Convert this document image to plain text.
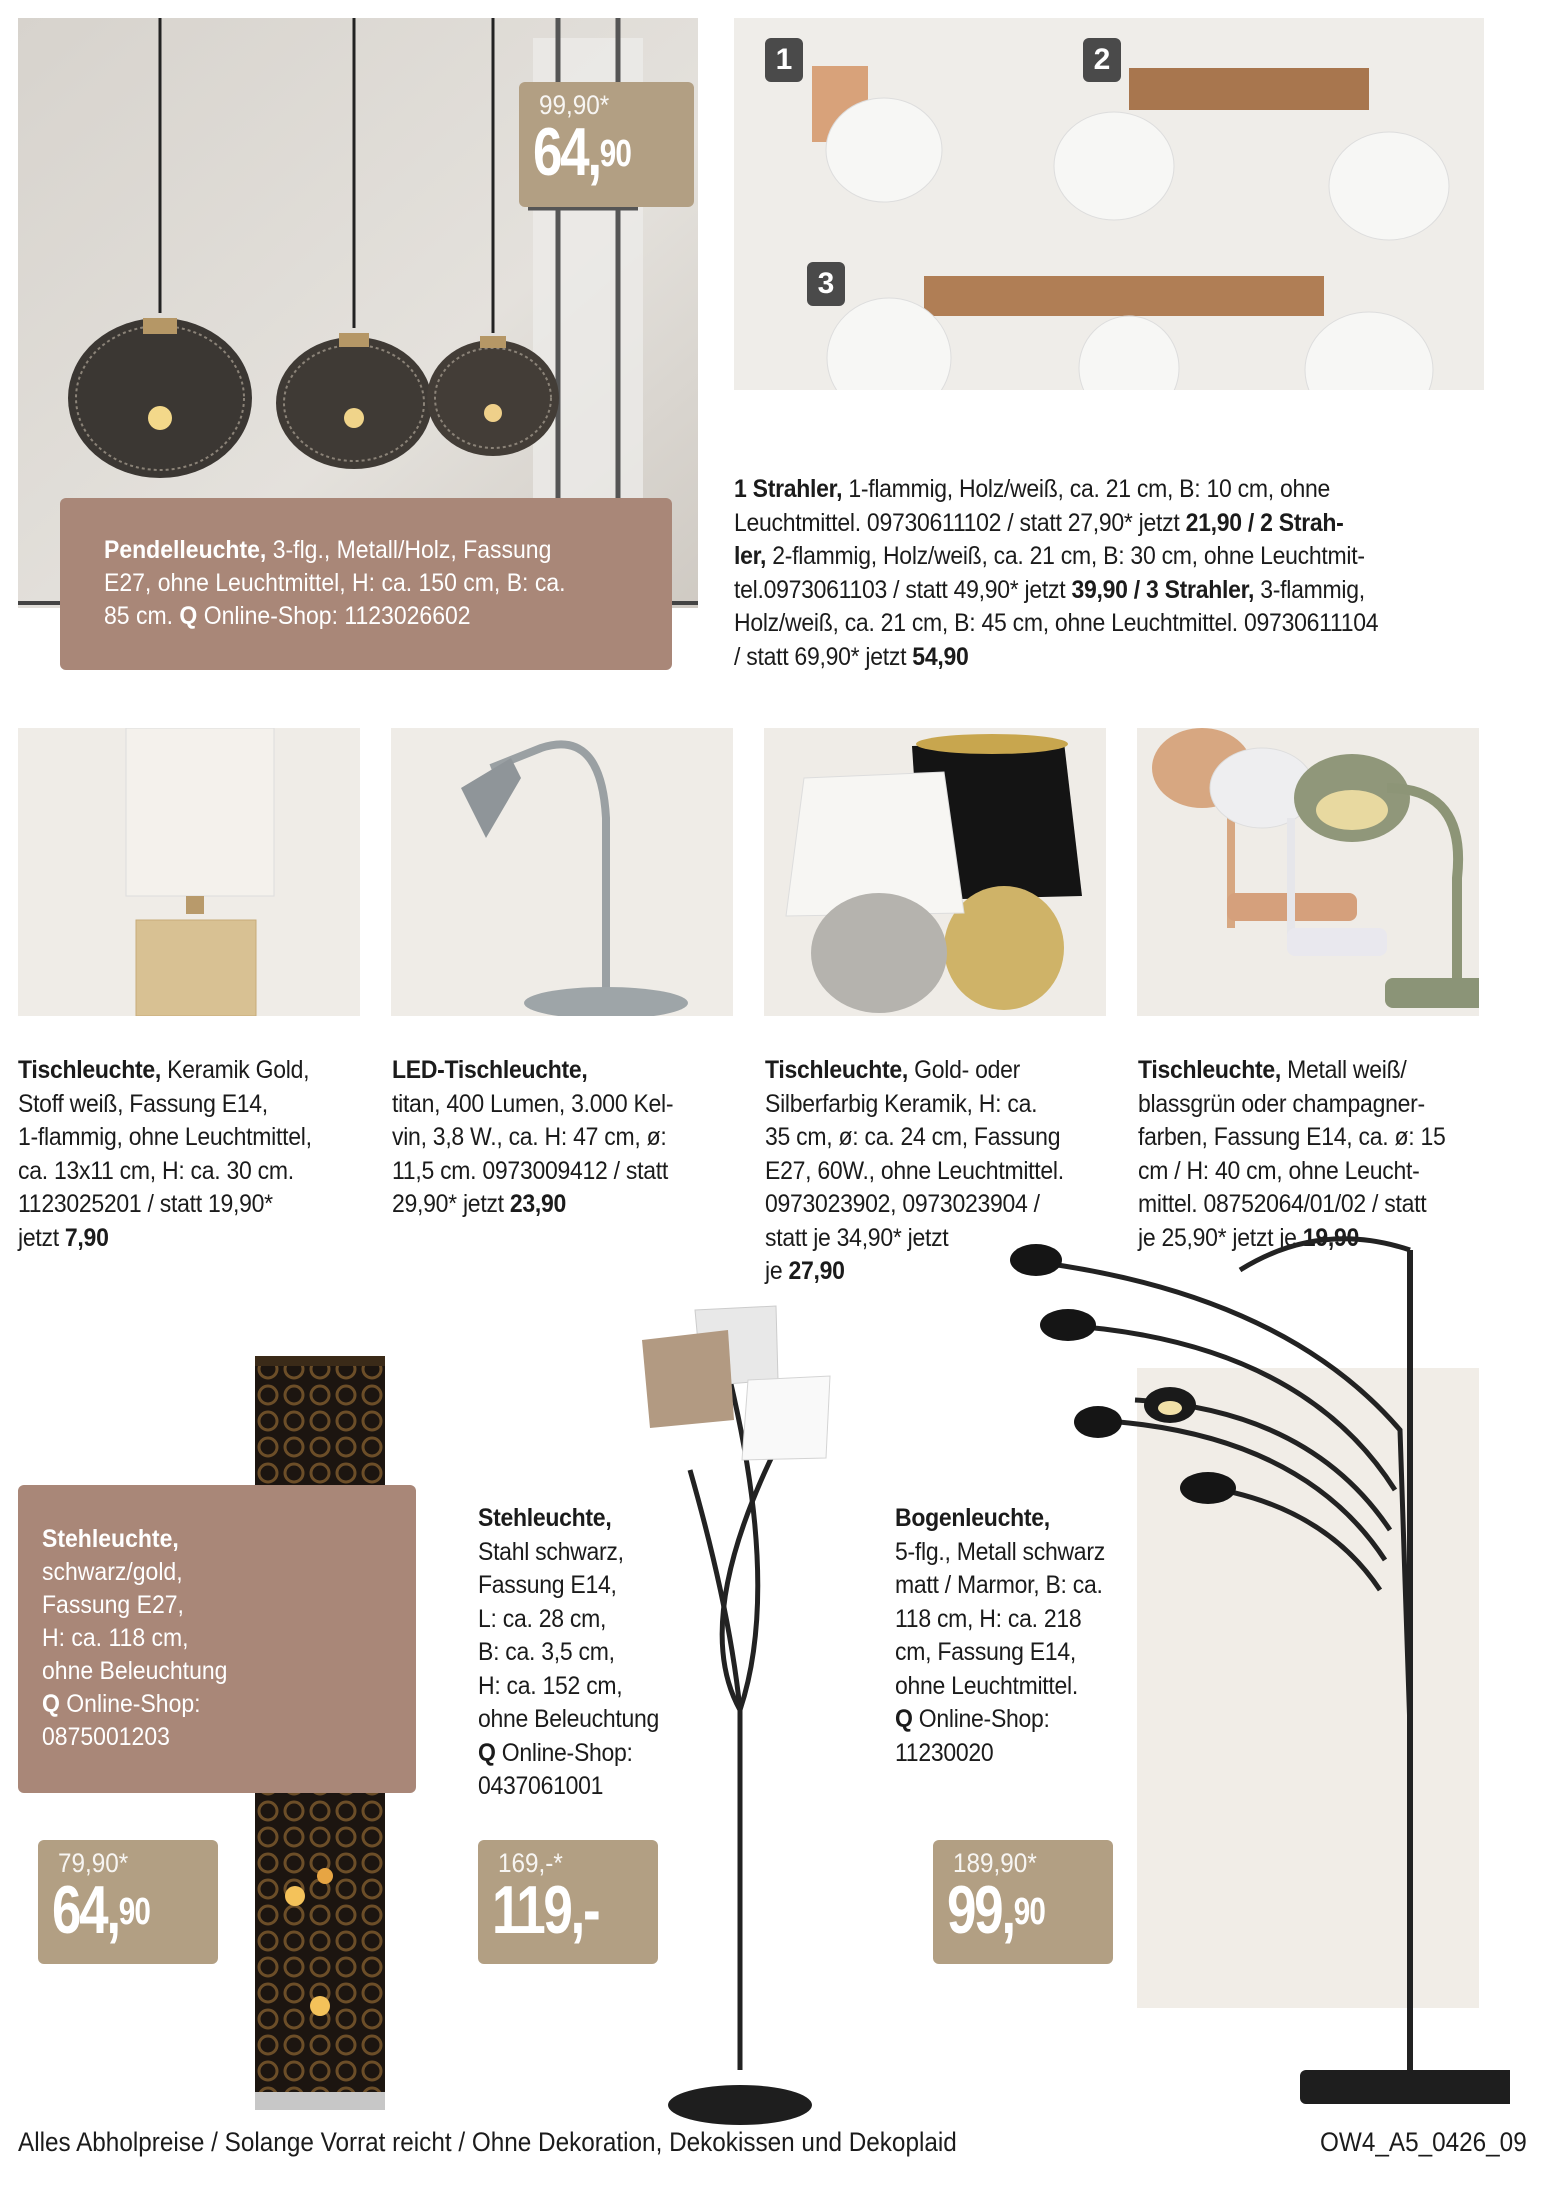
99,90*
64,90
Pendelleuchte, 3-flg., Metall/Holz, Fassung
E27, ohne Leuchtmittel, H: ca. 150 cm, B: ca.
85 cm. Q Online-Shop: 1123026602
1	2
3
1 Strahler, 1-flammig, Holz/weiß, ca. 21 cm, B: 10 cm, ohne
Leuchtmittel. 09730611102 / statt 27,90* jetzt 21,90 / 2 Strah-
ler, 2-flammig, Holz/weiß, ca. 21 cm, B: 30 cm, ohne Leuchtmit-
tel.0973061103 / statt 49,90* jetzt 39,90 / 3 Strahler, 3-flammig,
Holz/weiß, ca. 21 cm, B: 45 cm, ohne Leuchtmittel. 09730611104
/ statt 69,90* jetzt 54,90
Tischleuchte, Keramik Gold,
Stoff weiß, Fassung E14,
1-flammig, ohne Leuchtmittel,
ca. 13x11 cm, H: ca. 30 cm.
1123025201 / statt 19,90*
jetzt 7,90
LED-Tischleuchte,
titan, 400 Lumen, 3.000 Kel-
vin, 3,8 W., ca. H: 47 cm, ø:
11,5 cm. 0973009412 / statt
29,90* jetzt 23,90
Tischleuchte, Gold- oder
Silberfarbig Keramik, H: ca.
35 cm, ø: ca. 24 cm, Fassung
E27, 60W., ohne Leuchtmittel.
0973023902, 0973023904 /
statt je 34,90* jetzt
je 27,90
Tischleuchte, Metall weiß/
blassgrün oder champagner-
farben, Fassung E14, ca. ø: 15
cm / H: 40 cm, ohne Leucht-
mittel. 08752064/01/02 / statt
je 25,90* jetzt je 19,90
Stehleuchte,
schwarz/gold,
Fassung E27,
H: ca. 118 cm,
ohne Beleuchtung
Q Online-Shop:
0875001203
79,90*
64,90
Stehleuchte,
Stahl schwarz,
Fassung E14,
L: ca. 28 cm,
B: ca. 3,5 cm,
H: ca. 152 cm,
ohne Beleuchtung
Q Online-Shop:
0437061001
169,-*
119,-
Bogenleuchte,
5-flg., Metall schwarz
matt / Marmor, B: ca.
118 cm, H: ca. 218
cm, Fassung E14,
ohne Leuchtmittel.
Q Online-Shop:
11230020
189,90*
99,90
Alles Abholpreise / Solange Vorrat reicht / Ohne Dekoration, Dekokissen und Dekoplaid	OW4_A5_0426_09
